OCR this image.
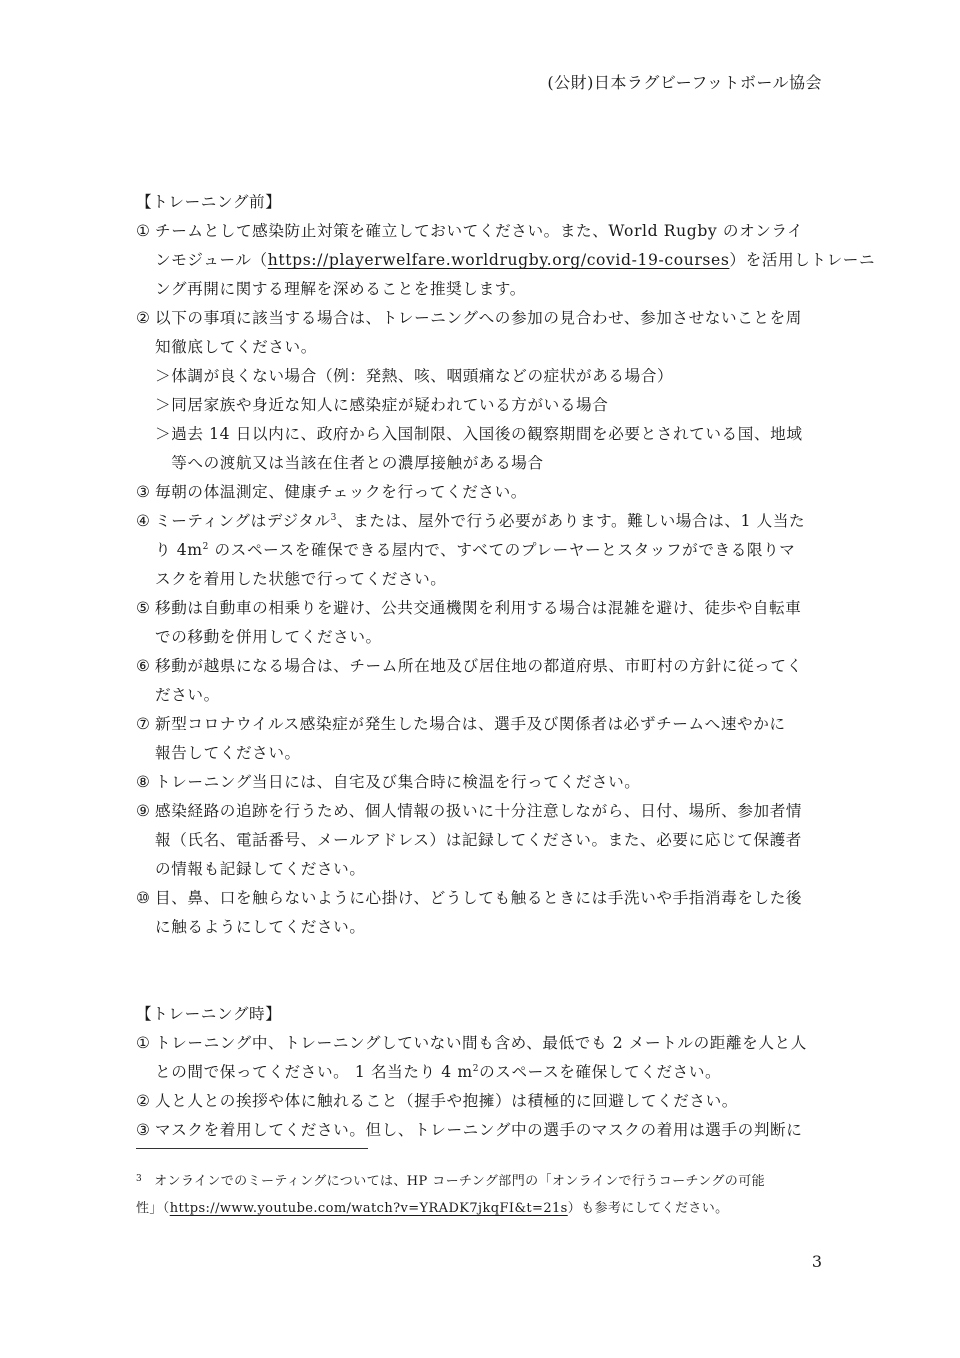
(公財)日本ラグビーフットボール協会
【トレーニング前】
① チームとして感染防止対策を確立しておいてください。また、World Rugby のオンライ
ンモジュール（https://playerwelfare.worldrugby.org/covid-19-courses）を活用しトレーニ
ング再開に関する理解を深めることを推奨します。
② 以下の事項に該当する場合は、トレーニングへの参加の見合わせ、参加させないことを周
知徹底してください。
＞ 体調が良くない場合（例：発熱、咳、咽頭痛などの症状がある場合）
＞ 同居家族や身近な知人に感染症が疑われている方がいる場合
＞ 過去 14 日以内に、政府から入国制限、入国後の観察期間を必要とされている国、地域
等への渡航又は当該在住者との濃厚接触がある場合
③ 毎朝の体温測定、健康チェックを行ってください。
④ ミーティングはデジタル$^3$、または、屋外で行う必要があります。難しい場合は、1 人当た
り $4m^2$ のスペースを確保できる屋内で、すべてのプレーヤーとスタッフができる限りマ
スクを着用した状態で行ってください。
⑤ 移動は自動車の相乗りを避け、公共交通機関を利用する場合は混雑を避け、徒歩や自転車
での移動を併用してください。
⑥ 移動が越県になる場合は、チーム所在地及び居住地の都道府県、市町村の方針に従ってく
ださい。
⑦ 新型コロナウイルス感染症が発生した場合は、選手及び関係者は必ずチームへ速やかに
報告してください。
⑧ トレーニング当日には、自宅及び集合時に検温を行ってください。
⑨ 感染経路の追跡を行うため、個人情報の扱いに十分注意しながら、日付、場所、参加者情
報（氏名、電話番号、メールアドレス）は記録してください。また、必要に応じて保護者
の情報も記録してください。
⑩ 目、鼻、口を触らないように心掛け、どうしても触るときには手洗いや手指消毒をした後
に触るようにしてください。
【トレーニング時】
① トレーニング中、トレーニングしていない間も含め、最低でも 2 メートルの距離を人と人
との間で保ってください。 1 名当たり 4 $m^2$のスペースを確保してください。
② 人と人との挨拶や体に触れること（握手や抱擁）は積極的に回避してください。
③ マスクを着用してください。但し、トレーニング中の選手のマスクの着用は選手の判断に
$^3$ オンラインでのミーティングについては、HP コーチング部門の「オンラインで行うコーチングの可能
性」（https://www.youtube.com/watch?v=YRADK7jkqFI&t=21s）も参考にしてください。
3
